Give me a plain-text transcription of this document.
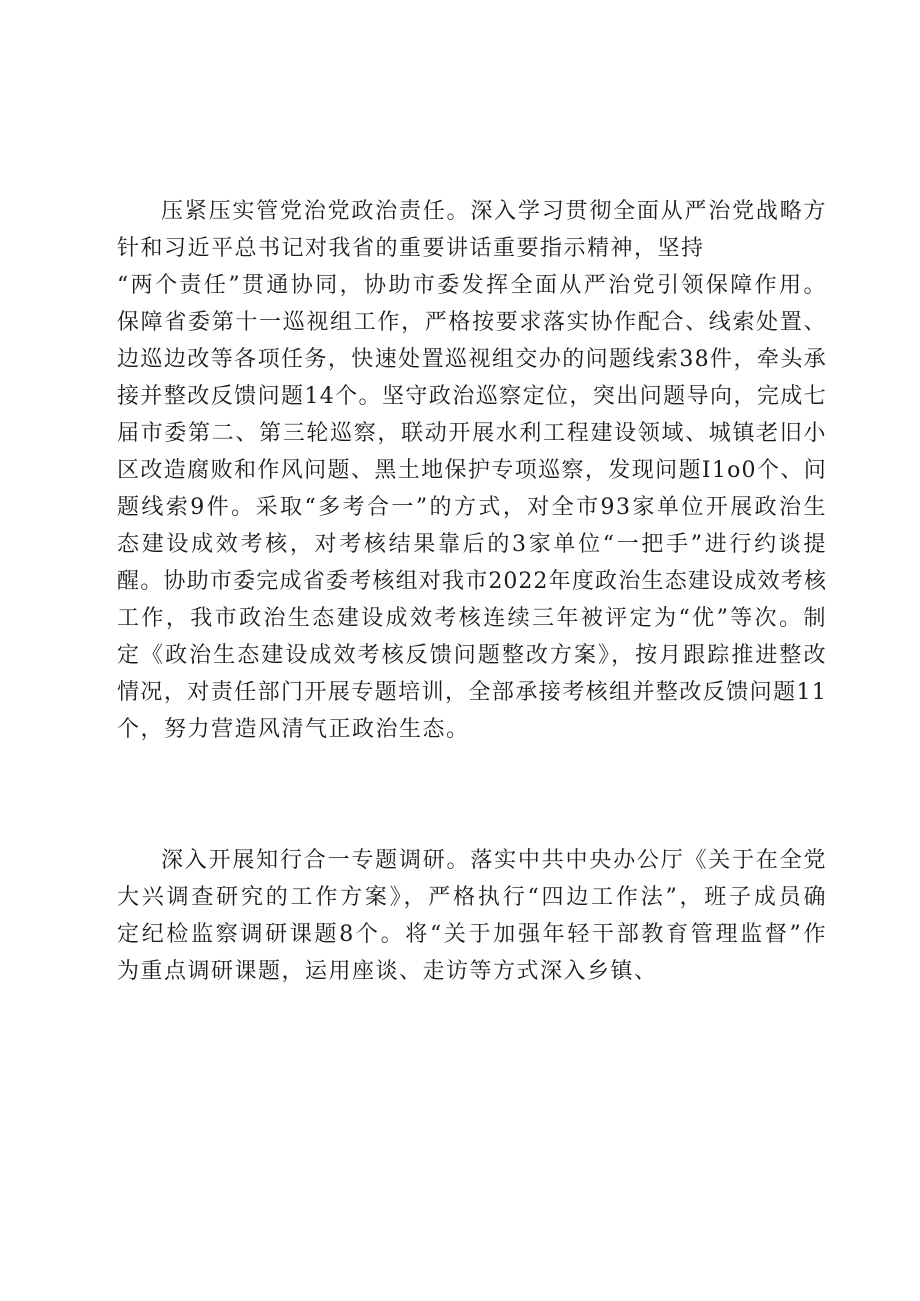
压紧压实管党治党政治责任。深入学习贯彻全面从严治党战略方
针和习近平总书记对我省的重要讲话重要指示精神，坚持
“两个责任”贯通协同，协助市委发挥全面从严治党引领保障作用。
保障省委第十一巡视组工作，严格按要求落实协作配合、线索处置、
边巡边改等各项任务，快速处置巡视组交办的问题线索38件，牵头承
接并整改反馈问题14个。坚守政治巡察定位，突出问题导向，完成七
届市委第二、第三轮巡察，联动开展水利工程建设领域、城镇老旧小
区改造腐败和作风问题、黑土地保护专项巡察，发现问题I1o0个、问
题线索9件。采取“多考合一”的方式，对全市93家单位开展政治生
态建设成效考核，对考核结果靠后的3家单位“一把手”进行约谈提
醒。协助市委完成省委考核组对我市2022年度政治生态建设成效考核
工作，我市政治生态建设成效考核连续三年被评定为“优”等次。制
定《政治生态建设成效考核反馈问题整改方案》，按月跟踪推进整改
情况，对责任部门开展专题培训，全部承接考核组并整改反馈问题11
个，努力营造风清气正政治生态。
深入开展知行合一专题调研。落实中共中央办公厅《关于在全党
大兴调查研究的工作方案》，严格执行“四边工作法”，班子成员确
定纪检监察调研课题8个。将“关于加强年轻干部教育管理监督”作
为重点调研课题，运用座谈、走访等方式深入乡镇、
